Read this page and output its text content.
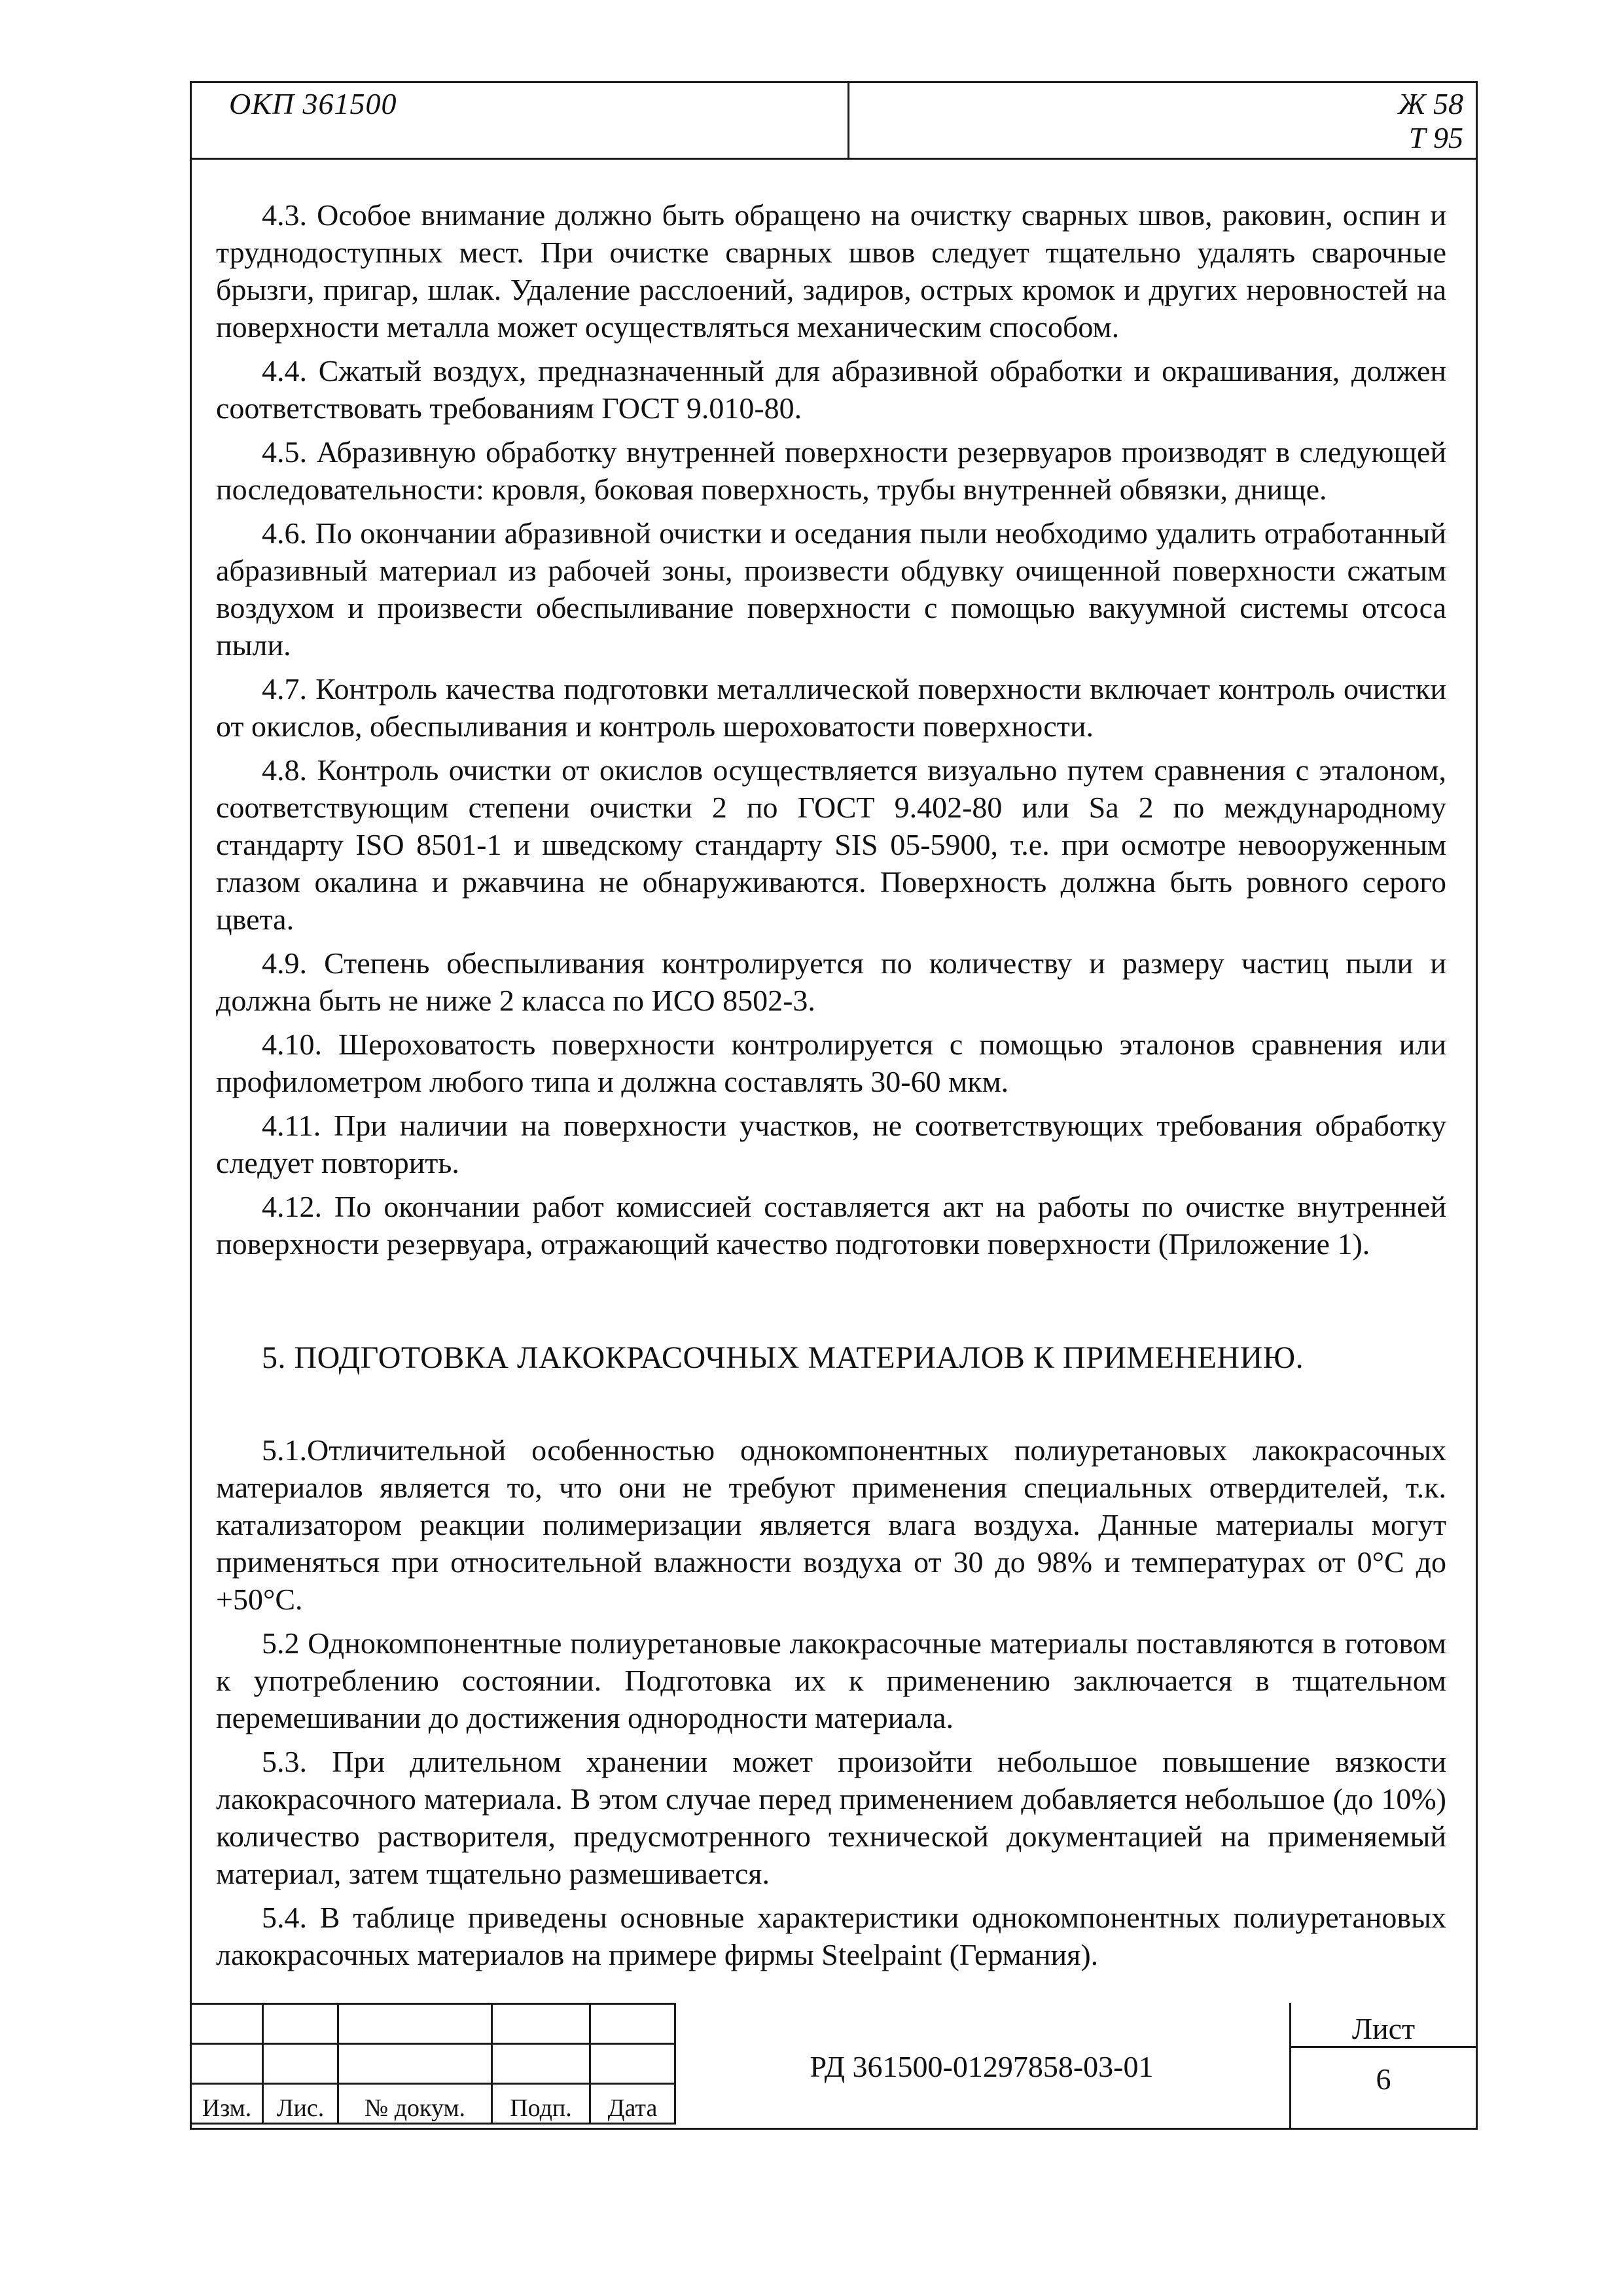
ОКП 361500	Ж 58
Т 95

4.3. Особое внимание должно быть обращено на очистку сварных швов, раковин, оспин и труднодоступных мест. При очистке сварных швов следует тщательно удалять сварочные брызги, пригар, шлак. Удаление расслоений, задиров, острых кромок и других неровностей на поверхности металла может осуществляться механическим способом.

4.4. Сжатый воздух, предназначенный для абразивной обработки и окрашивания, должен соответствовать требованиям ГОСТ 9.010-80.

4.5. Абразивную обработку внутренней поверхности резервуаров производят в следующей последовательности: кровля, боковая поверхность, трубы внутренней обвязки, днище.

4.6. По окончании абразивной очистки и оседания пыли необходимо удалить отработанный абразивный материал из рабочей зоны, произвести обдувку очищенной поверхности сжатым воздухом и произвести обеспыливание поверхности с помощью вакуумной системы отсоса пыли.

4.7. Контроль качества подготовки металлической поверхности включает контроль очистки от окислов, обеспыливания и контроль шероховатости поверхности.

4.8. Контроль очистки от окислов осуществляется визуально путем сравнения с эталоном, соответствующим степени очистки 2 по ГОСТ 9.402-80 или Sa 2 по международному стандарту ISO 8501-1 и шведскому стандарту SIS 05-5900, т.е. при осмотре невооруженным глазом окалина и ржавчина не обнаруживаются. Поверхность должна быть ровного серого цвета.

4.9. Степень обеспыливания контролируется по количеству и размеру частиц пыли и должна быть не ниже 2 класса по ИСО 8502-3.

4.10. Шероховатость поверхности контролируется с помощью эталонов сравнения или профилометром любого типа и должна составлять 30-60 мкм.

4.11. При наличии на поверхности участков, не соответствующих требования обработку следует повторить.

4.12. По окончании работ комиссией составляется акт на работы по очистке внутренней поверхности резервуара, отражающий качество подготовки поверхности (Приложение 1).

5. ПОДГОТОВКА ЛАКОКРАСОЧНЫХ МАТЕРИАЛОВ К ПРИМЕНЕНИЮ.

5.1.Отличительной особенностью однокомпонентных полиуретановых лакокрасочных материалов является то, что они не требуют применения специальных отвердителей, т.к. катализатором реакции полимеризации является влага воздуха. Данные материалы могут применяться при относительной влажности воздуха от 30 до 98% и температурах от 0°С до +50°С.

5.2 Однокомпонентные полиуретановые лакокрасочные материалы поставляются в готовом к употреблению состоянии. Подготовка их к применению заключается в тщательном перемешивании до достижения однородности материала.

5.3. При длительном хранении может произойти небольшое повышение вязкости лакокрасочного материала. В этом случае перед применением добавляется небольшое (до 10%) количество растворителя, предусмотренного технической документацией на применяемый материал, затем тщательно размешивается.

5.4. В таблице приведены основные характеристики однокомпонентных полиуретановых лакокрасочных материалов на примере фирмы Steelpaint (Германия).

Изм.	Лис.	№ докум.	Подп.	Дата
РД 361500-01297858-03-01
Лист
6
